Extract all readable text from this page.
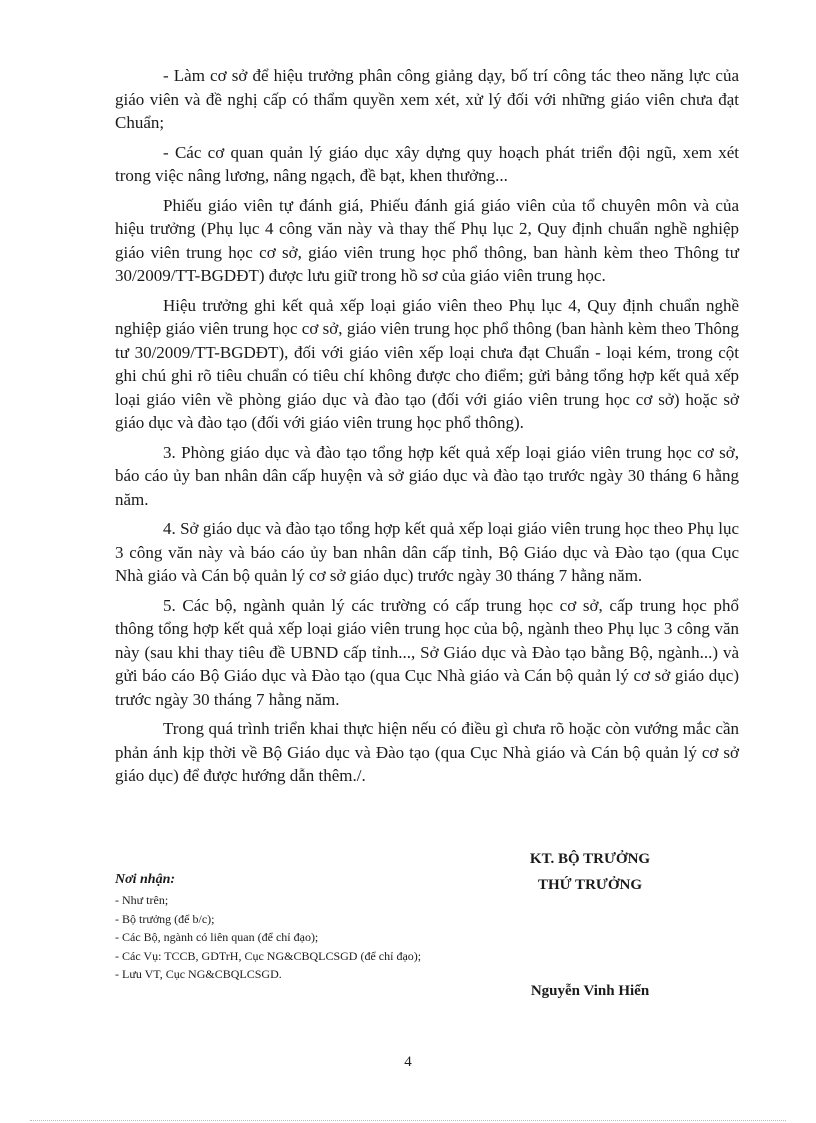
- Làm cơ sở để hiệu trưởng phân công giảng dạy, bố trí công tác theo năng lực của giáo viên và đề nghị cấp có thẩm quyền xem xét, xử lý đối với những giáo viên chưa đạt Chuẩn;

- Các cơ quan quản lý giáo dục xây dựng quy hoạch phát triển đội ngũ, xem xét trong việc nâng lương, nâng ngạch, đề bạt, khen thưởng...

Phiếu giáo viên tự đánh giá, Phiếu đánh giá giáo viên của tổ chuyên môn và của hiệu trưởng (Phụ lục 4 công văn này và thay thế Phụ lục 2, Quy định chuẩn nghề nghiệp giáo viên trung học cơ sở, giáo viên trung học phổ thông, ban hành kèm theo Thông tư 30/2009/TT-BGDĐT) được lưu giữ trong hồ sơ của giáo viên trung học.

Hiệu trưởng ghi kết quả xếp loại giáo viên theo Phụ lục 4, Quy định chuẩn nghề nghiệp giáo viên trung học cơ sở, giáo viên trung học phổ thông (ban hành kèm theo Thông tư 30/2009/TT-BGDĐT), đối với giáo viên xếp loại chưa đạt Chuẩn - loại kém, trong cột ghi chú ghi rõ tiêu chuẩn có tiêu chí không được cho điểm; gửi bảng tổng hợp kết quả xếp loại giáo viên về phòng giáo dục và đào tạo (đối với giáo viên trung học cơ sở) hoặc sở giáo dục và đào tạo (đối với giáo viên trung học phổ thông).

3. Phòng giáo dục và đào tạo tổng hợp kết quả xếp loại giáo viên trung học cơ sở, báo cáo ủy ban nhân dân cấp huyện và sở giáo dục và đào tạo trước ngày 30 tháng 6 hằng năm.

4. Sở giáo dục và đào tạo tổng hợp kết quả xếp loại giáo viên trung học theo Phụ lục 3 công văn này và báo cáo ủy ban nhân dân cấp tỉnh, Bộ Giáo dục và Đào tạo (qua Cục Nhà giáo và Cán bộ quản lý cơ sở giáo dục) trước ngày 30 tháng 7 hằng năm.

5. Các bộ, ngành quản lý các trường có cấp trung học cơ sở, cấp trung học phổ thông tổng hợp kết quả xếp loại giáo viên trung học của bộ, ngành theo Phụ lục 3 công văn này (sau khi thay tiêu đề UBND cấp tỉnh..., Sở Giáo dục và Đào tạo bằng Bộ, ngành...) và gửi báo cáo Bộ Giáo dục và Đào tạo (qua Cục Nhà giáo và Cán bộ quản lý cơ sở giáo dục) trước ngày 30 tháng 7 hằng năm.

Trong quá trình triển khai thực hiện nếu có điều gì chưa rõ hoặc còn vướng mắc cần phản ánh kịp thời về Bộ Giáo dục và Đào tạo (qua Cục Nhà giáo và Cán bộ quản lý cơ sở giáo dục) để được hướng dẫn thêm./.

KT. BỘ TRƯỞNG
THỨ TRƯỞNG
Nguyễn Vinh Hiển
Nơi nhận:
- Như trên;
- Bộ trưởng (để b/c);
- Các Bộ, ngành có liên quan (để chỉ đạo);
- Các Vụ: TCCB, GDTrH, Cục NG&CBQLCSGD (để chỉ đạo);
- Lưu VT, Cục NG&CBQLCSGD.
4
